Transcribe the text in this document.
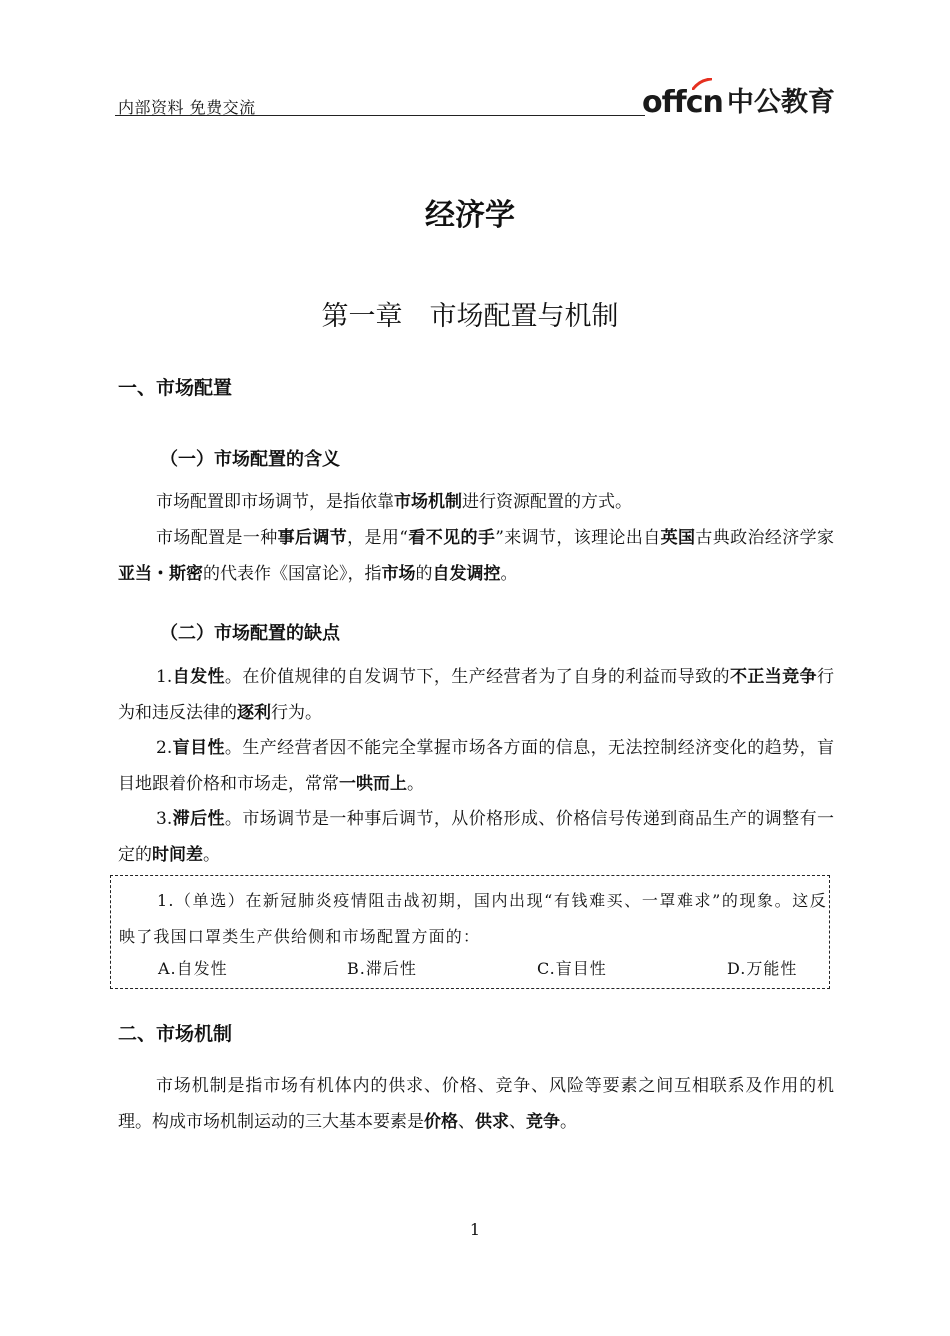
内部资料 免费交流	offcn 中公教育
经济学
第一章　市场配置与机制
一、市场配置
（一）市场配置的含义
市场配置即市场调节，是指依靠市场机制进行资源配置的方式。
市场配置是一种事后调节，是用“看不见的手”来调节，该理论出自英国古典政治经济学家亚当・斯密的代表作《国富论》，指市场的自发调控。
（二）市场配置的缺点
1.自发性。在价值规律的自发调节下，生产经营者为了自身的利益而导致的不正当竞争行为和违反法律的逐利行为。
2.盲目性。生产经营者因不能完全掌握市场各方面的信息，无法控制经济变化的趋势，盲目地跟着价格和市场走，常常一哄而上。
3.滞后性。市场调节是一种事后调节，从价格形成、价格信号传递到商品生产的调整有一定的时间差。
1.（单选）在新冠肺炎疫情阻击战初期，国内出现“有钱难买、一罩难求”的现象。这反映了我国口罩类生产供给侧和市场配置方面的：
A.自发性	B.滞后性	C.盲目性	D.万能性
二、市场机制
市场机制是指市场有机体内的供求、价格、竞争、风险等要素之间互相联系及作用的机理。构成市场机制运动的三大基本要素是价格、供求、竞争。
1
